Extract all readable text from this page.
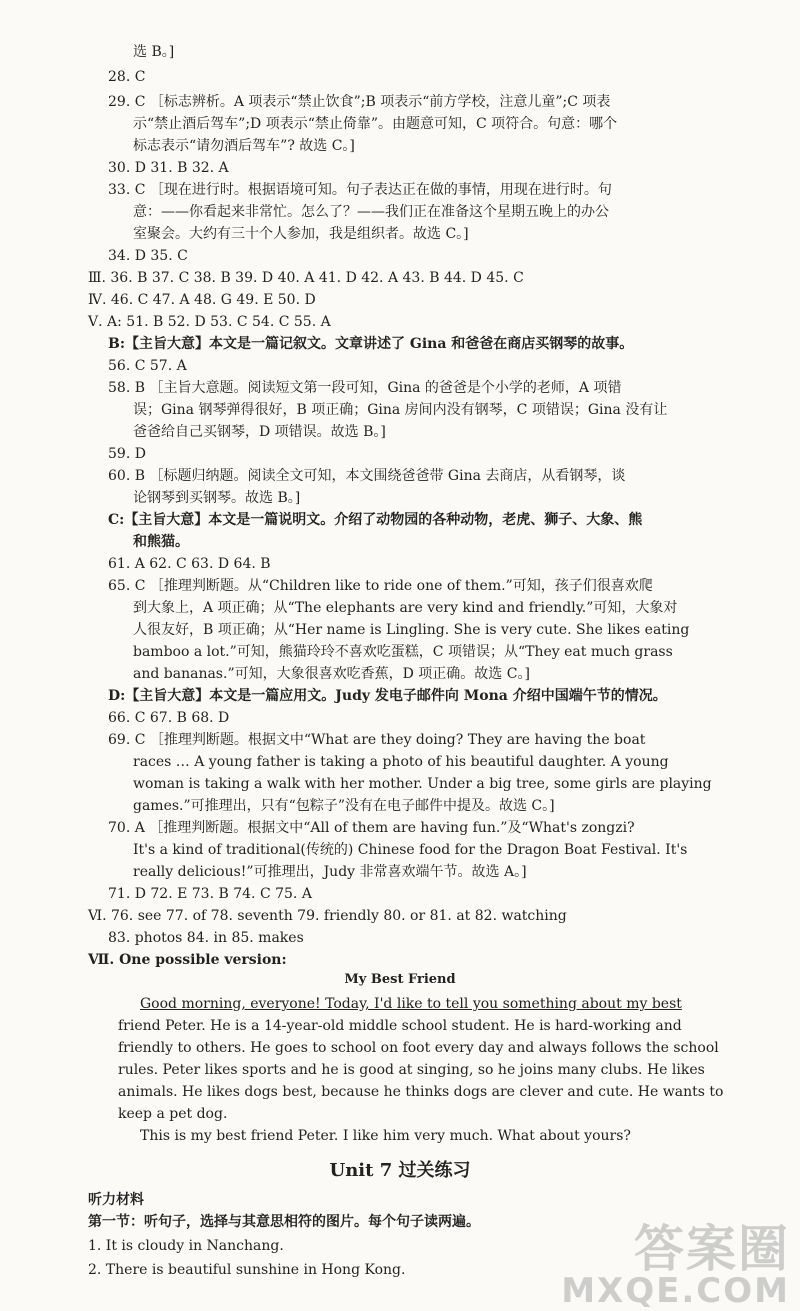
选 B。]
28. C
29. C ［标志辨析。A 项表示“禁止饮食”;B 项表示“前方学校，注意儿童”;C 项表
示“禁止酒后驾车”;D 项表示“禁止倚靠”。由题意可知，C 项符合。句意：哪个
标志表示“请勿酒后驾车”? 故选 C。]
30. D 31. B 32. A
33. C ［现在进行时。根据语境可知。句子表达正在做的事情，用现在进行时。句
意：——你看起来非常忙。怎么了？——我们正在准备这个星期五晚上的办公
室聚会。大约有三十个人参加，我是组织者。故选 C。]
34. D 35. C
Ⅲ. 36. B 37. C 38. B 39. D 40. A 41. D 42. A 43. B 44. D 45. C
Ⅳ. 46. C 47. A 48. G 49. E 50. D
Ⅴ. A: 51. B 52. D 53. C 54. C 55. A
B:【主旨大意】本文是一篇记叙文。文章讲述了 Gina 和爸爸在商店买钢琴的故事。
56. C 57. A
58. B ［主旨大意题。阅读短文第一段可知，Gina 的爸爸是个小学的老师，A 项错
误；Gina 钢琴弹得很好，B 项正确；Gina 房间内没有钢琴，C 项错误；Gina 没有让
爸爸给自己买钢琴，D 项错误。故选 B。]
59. D
60. B ［标题归纳题。阅读全文可知，本文围绕爸爸带 Gina 去商店，从看钢琴，谈
论钢琴到买钢琴。故选 B。]
C:【主旨大意】本文是一篇说明文。介绍了动物园的各种动物，老虎、狮子、大象、熊
和熊猫。
61. A 62. C 63. D 64. B
65. C ［推理判断题。从“Children like to ride one of them.”可知，孩子们很喜欢爬
到大象上，A 项正确；从“The elephants are very kind and friendly.”可知，大象对
人很友好，B 项正确；从“Her name is Lingling. She is very cute. She likes eating
bamboo a lot.”可知，熊猫玲玲不喜欢吃蛋糕，C 项错误；从“They eat much grass
and bananas.”可知，大象很喜欢吃香蕉，D 项正确。故选 C。]
D:【主旨大意】本文是一篇应用文。Judy 发电子邮件向 Mona 介绍中国端午节的情况。
66. C 67. B 68. D
69. C ［推理判断题。根据文中“What are they doing? They are having the boat
races … A young father is taking a photo of his beautiful daughter. A young
woman is taking a walk with her mother. Under a big tree, some girls are playing
games.”可推理出，只有“包粽子”没有在电子邮件中提及。故选 C。]
70. A ［推理判断题。根据文中“All of them are having fun.”及“What's zongzi?
It's a kind of traditional(传统的) Chinese food for the Dragon Boat Festival. It's
really delicious!”可推理出，Judy 非常喜欢端午节。故选 A。]
71. D 72. E 73. B 74. C 75. A
Ⅵ. 76. see 77. of 78. seventh 79. friendly 80. or 81. at 82. watching
83. photos 84. in 85. makes
Ⅶ. One possible version:
My Best Friend
Good morning, everyone! Today, I'd like to tell you something about my best
friend Peter. He is a 14-year-old middle school student. He is hard-working and
friendly to others. He goes to school on foot every day and always follows the school
rules. Peter likes sports and he is good at singing, so he joins many clubs. He likes
animals. He likes dogs best, because he thinks dogs are clever and cute. He wants to
keep a pet dog.
This is my best friend Peter. I like him very much. What about yours?
Unit 7 过关练习
听力材料
第一节：听句子，选择与其意思相符的图片。每个句子读两遍。
1. It is cloudy in Nanchang.
2. There is beautiful sunshine in Hong Kong.	答案圈
MXQE.COM
